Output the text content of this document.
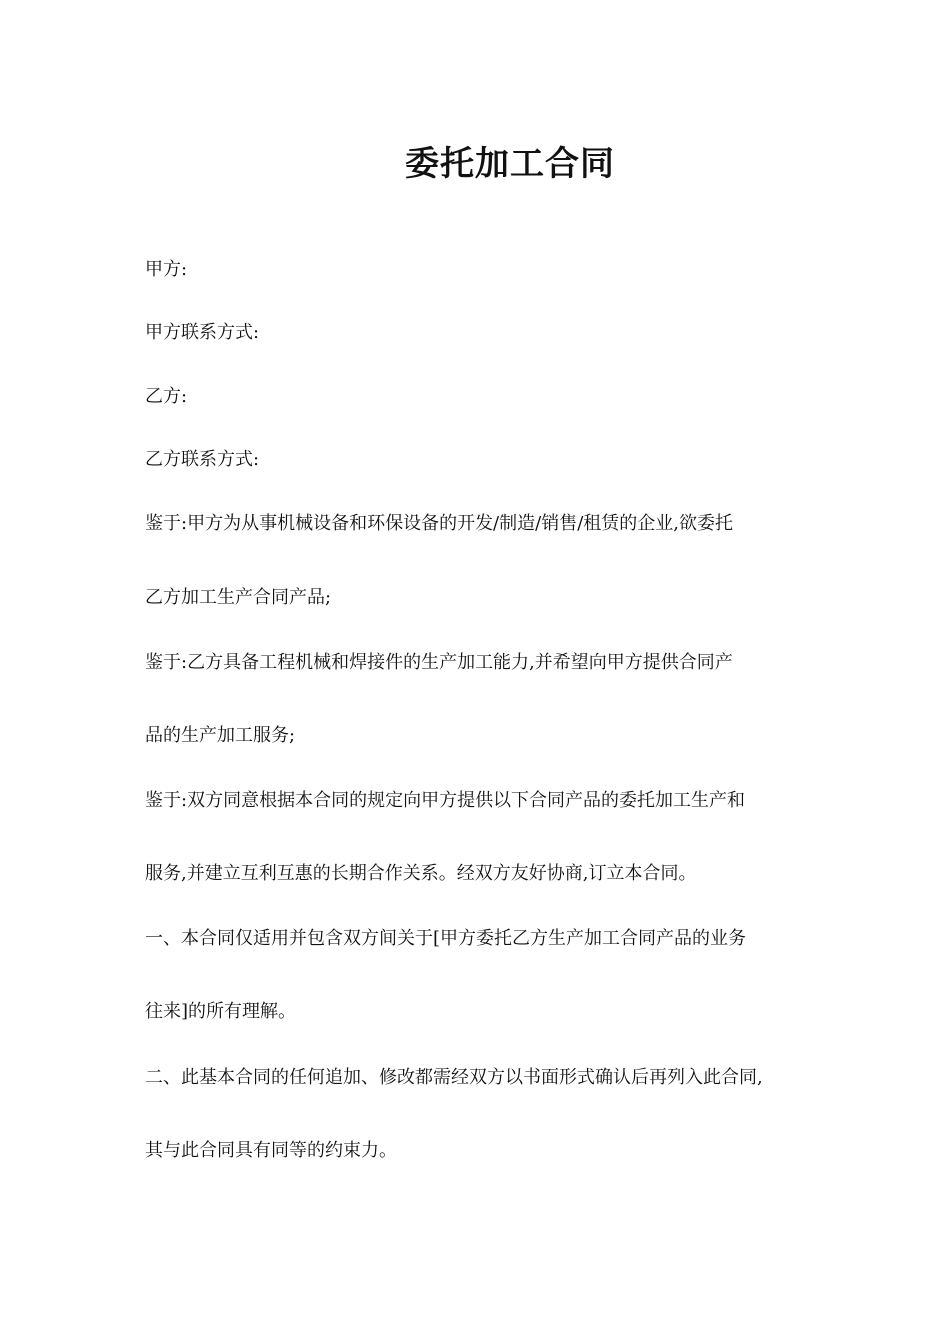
委托加工合同
甲方:
甲方联系方式:
乙方:
乙方联系方式:
鉴于:甲方为从事机械设备和环保设备的开发/制造/销售/租赁的企业,欲委托
乙方加工生产合同产品;
鉴于:乙方具备工程机械和焊接件的生产加工能力,并希望向甲方提供合同产
品的生产加工服务;
鉴于:双方同意根据本合同的规定向甲方提供以下合同产品的委托加工生产和
服务,并建立互利互惠的长期合作关系。经双方友好协商,订立本合同。
一、本合同仅适用并包含双方间关于[甲方委托乙方生产加工合同产品的业务
往来]的所有理解。
二、此基本合同的任何追加、修改都需经双方以书面形式确认后再列入此合同,
其与此合同具有同等的约束力。
